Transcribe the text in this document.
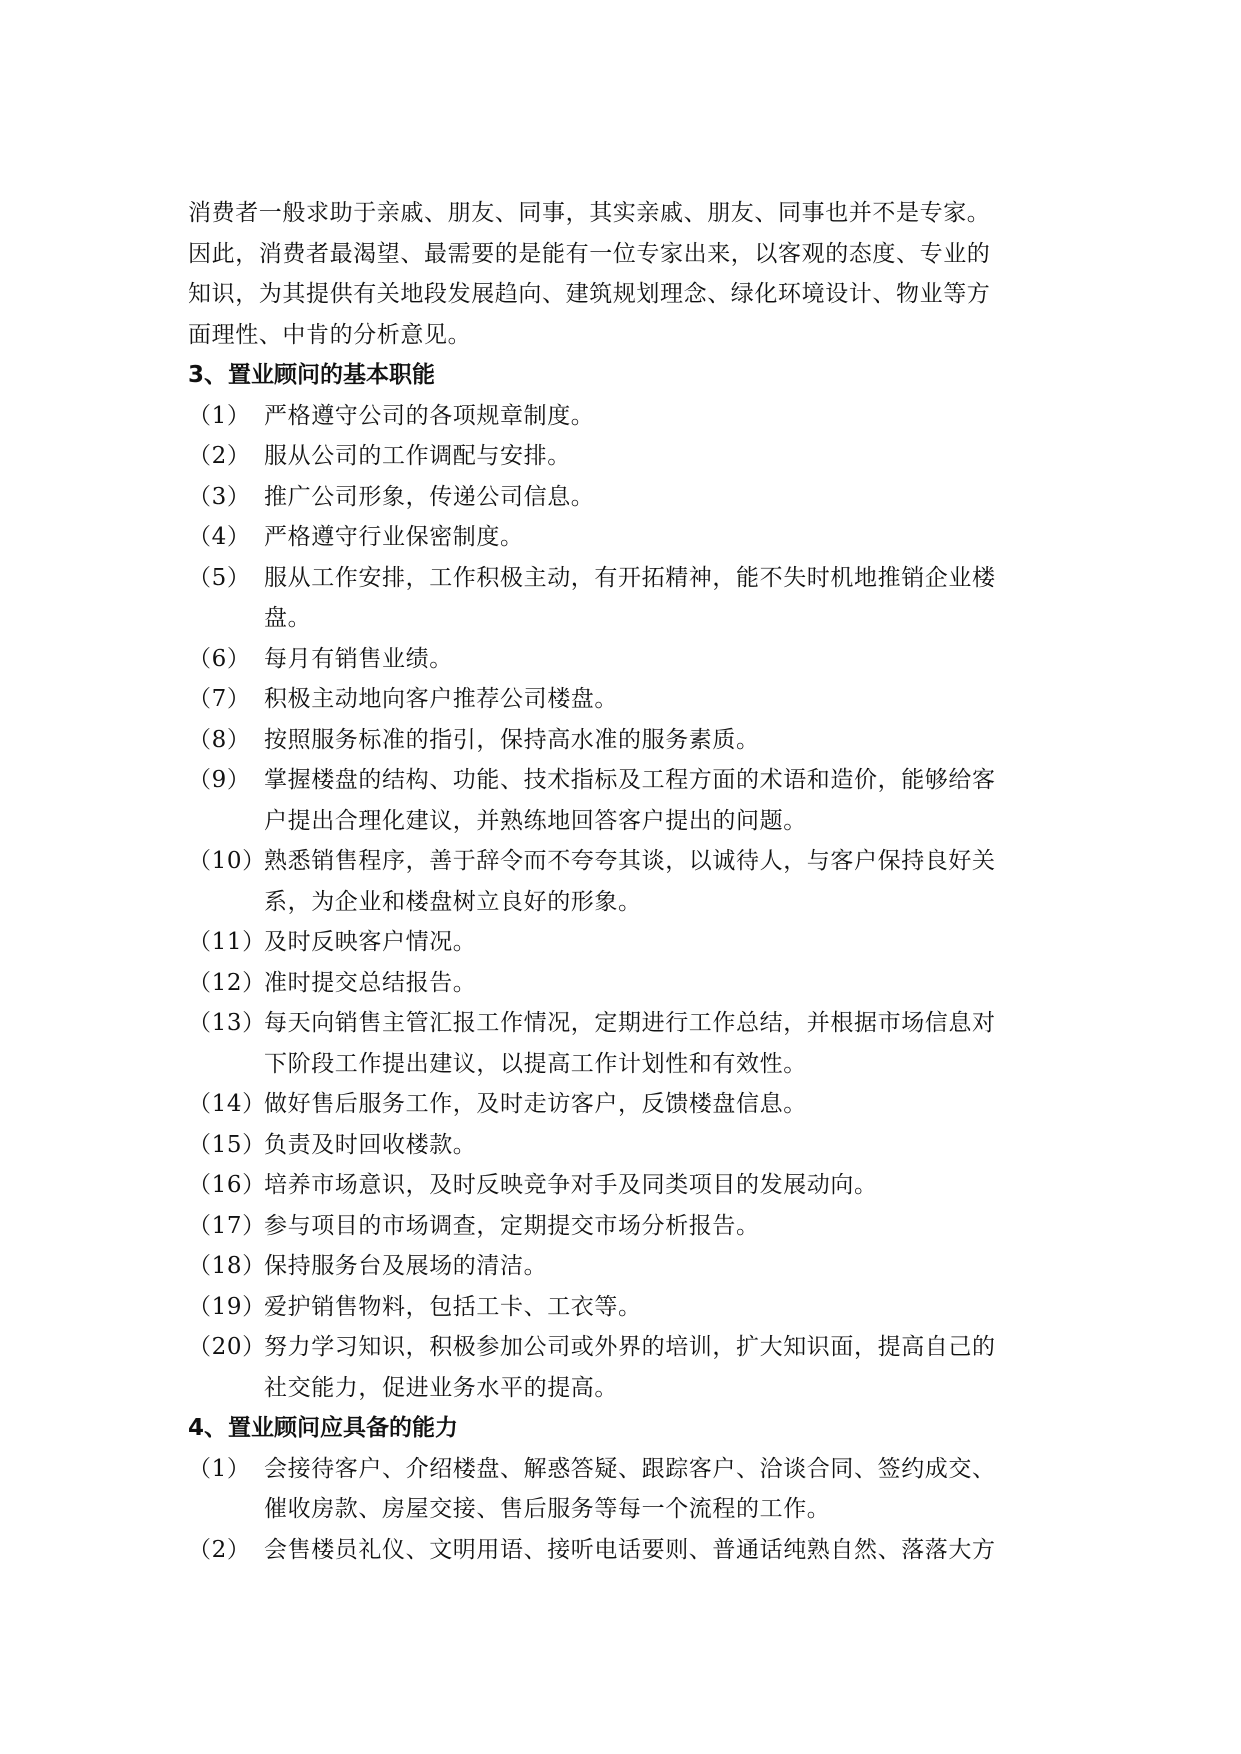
消费者一般求助于亲戚、朋友、同事，其实亲戚、朋友、同事也并不是专家。

因此，消费者最渴望、最需要的是能有一位专家出来，以客观的态度、专业的

知识，为其提供有关地段发展趋向、建筑规划理念、绿化环境设计、物业等方

面理性、中肯的分析意见。

3、置业顾问的基本职能
（1） 严格遵守公司的各项规章制度。
（2） 服从公司的工作调配与安排。
（3） 推广公司形象，传递公司信息。
（4） 严格遵守行业保密制度。
（5） 服从工作安排，工作积极主动，有开拓精神，能不失时机地推销企业楼
盘。
（6） 每月有销售业绩。
（7） 积极主动地向客户推荐公司楼盘。
（8） 按照服务标准的指引，保持高水准的服务素质。
（9） 掌握楼盘的结构、功能、技术指标及工程方面的术语和造价，能够给客
户提出合理化建议，并熟练地回答客户提出的问题。
（10）
熟悉销售程序，善于辞令而不夸夸其谈，以诚待人，与客户保持良好关
系，为企业和楼盘树立良好的形象。
（11）
及时反映客户情况。
（12）
准时提交总结报告。
（13）
每天向销售主管汇报工作情况，定期进行工作总结，并根据市场信息对
下阶段工作提出建议，以提高工作计划性和有效性。
（14）
做好售后服务工作，及时走访客户，反馈楼盘信息。
（15）
负责及时回收楼款。
（16）
培养市场意识，及时反映竞争对手及同类项目的发展动向。
（17）
参与项目的市场调查，定期提交市场分析报告。
（18）
保持服务台及展场的清洁。
（19）
爱护销售物料，包括工卡、工衣等。
（20）
努力学习知识，积极参加公司或外界的培训，扩大知识面，提高自己的
社交能力，促进业务水平的提高。
4、置业顾问应具备的能力
（1） 会接待客户、介绍楼盘、解惑答疑、跟踪客户、洽谈合同、签约成交、
催收房款、房屋交接、售后服务等每一个流程的工作。
（2） 会售楼员礼仪、文明用语、接听电话要则、普通话纯熟自然、落落大方
